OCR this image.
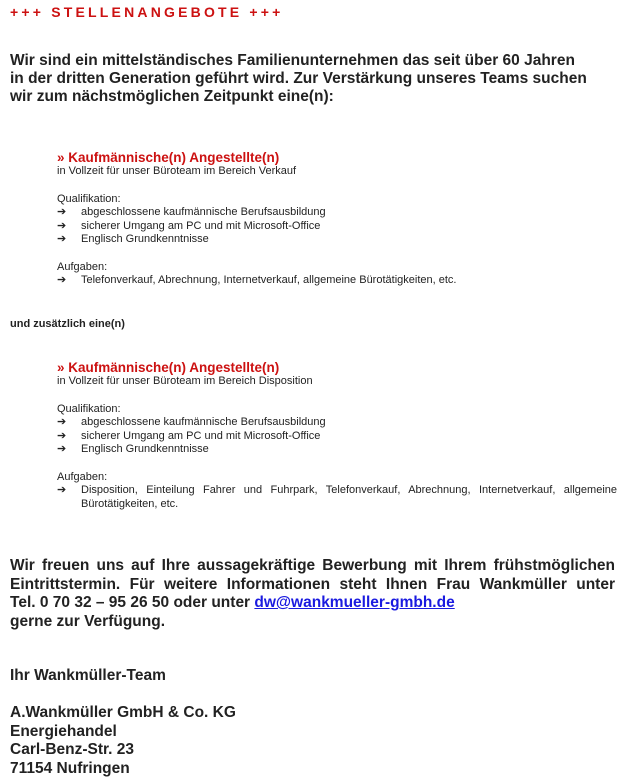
+++ STELLENANGEBOTE +++
Wir sind ein mittelständisches Familienunternehmen das seit über 60 Jahren
in der dritten Generation geführt wird. Zur Verstärkung unseres Teams suchen
wir zum nächstmöglichen Zeitpunkt eine(n):
» Kaufmännische(n) Angestellte(n)
in Vollzeit für unser Büroteam im Bereich Verkauf
Qualifikation:
➔ abgeschlossene kaufmännische Berufsausbildung
➔ sicherer Umgang am PC und mit Microsoft-Office
➔ Englisch Grundkenntnisse
Aufgaben:
➔ Telefonverkauf, Abrechnung, Internetverkauf, allgemeine Bürotätigkeiten, etc.
und zusätzlich eine(n)
» Kaufmännische(n) Angestellte(n)
in Vollzeit für unser Büroteam im Bereich Disposition
Qualifikation:
➔ abgeschlossene kaufmännische Berufsausbildung
➔ sicherer Umgang am PC und mit Microsoft-Office
➔ Englisch Grundkenntnisse
Aufgaben:
➔ Disposition, Einteilung Fahrer und Fuhrpark, Telefonverkauf, Abrechnung, Internetverkauf, allgemeine Bürotätigkeiten, etc.
Wir freuen uns auf Ihre aussagekräftige Bewerbung mit Ihrem frühstmöglichen
Eintrittstermin. Für weitere Informationen steht Ihnen Frau Wankmüller unter
Tel. 0 70 32 – 95 26 50 oder unter dw@wankmueller-gmbh.de
gerne zur Verfügung.
Ihr Wankmüller-Team
A.Wankmüller GmbH & Co. KG
Energiehandel
Carl-Benz-Str. 23
71154 Nufringen
